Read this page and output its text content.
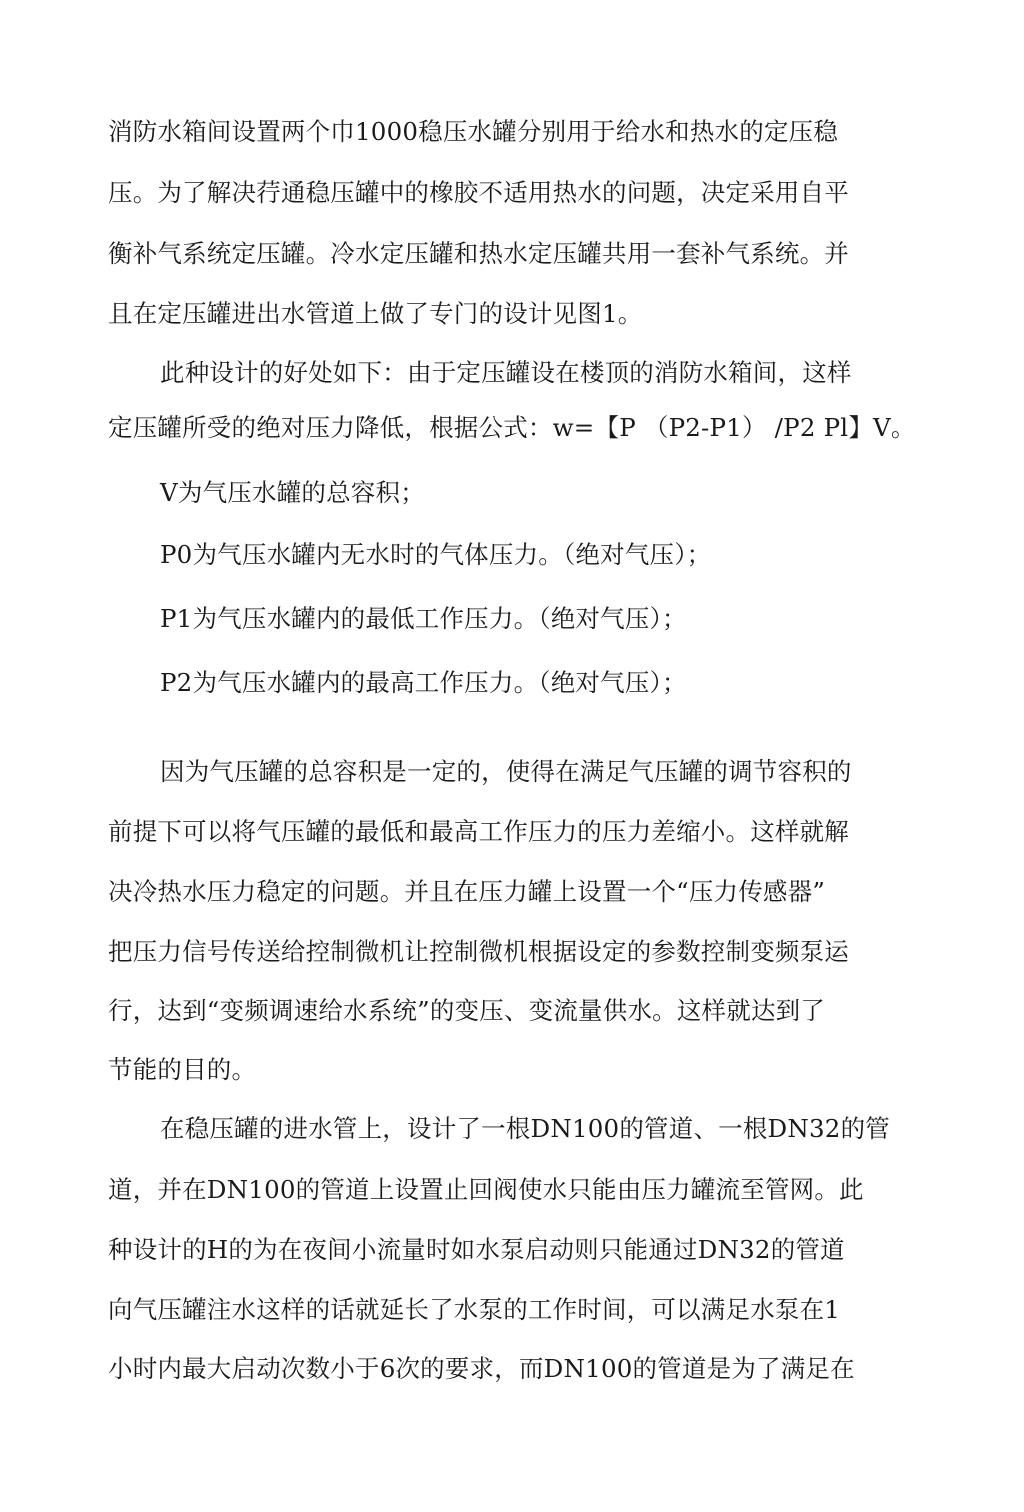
消防水箱间设置两个巾1000稳压水罐分别用于给水和热水的定压稳
压。为了解决荇通稳压罐中的橡胶不适用热水的问题，决定采用自平
衡补气系统定压罐。冷水定压罐和热水定压罐共用一套补气系统。并
且在定压罐进出水管道上做了专门的设计见图1。
此种设计的好处如下：由于定压罐设在楼顶的消防水箱间，这样
定压罐所受的绝对压力降低，根据公式：w=【P （P2-P1） /P2 Pl】V。
V为气压水罐的总容积；
P0为气压水罐内无水时的气体压力。（绝对气压）；
P1为气压水罐内的最低工作压力。（绝对气压）；
P2为气压水罐内的最高工作压力。（绝对气压）；
因为气压罐的总容积是一定的，使得在满足气压罐的调节容积的
前提下可以将气压罐的最低和最高工作压力的压力差缩小。这样就解
决冷热水压力稳定的问题。并且在压力罐上设置一个“压力传感器”
把压力信号传送给控制微机让控制微机根据设定的参数控制变频泵运
行，达到“变频调速给水系统”的变压、变流量供水。这样就达到了
节能的目的。
在稳压罐的进水管上，设计了一根DN100的管道、一根DN32的管
道，并在DN100的管道上设置止回阀使水只能由压力罐流至管网。此
种设计的H的为在夜间小流量时如水泵启动则只能通过DN32的管道
向气压罐注水这样的话就延长了水泵的工作时间，可以满足水泵在1
小时内最大启动次数小于6次的要求，而DN100的管道是为了满足在
